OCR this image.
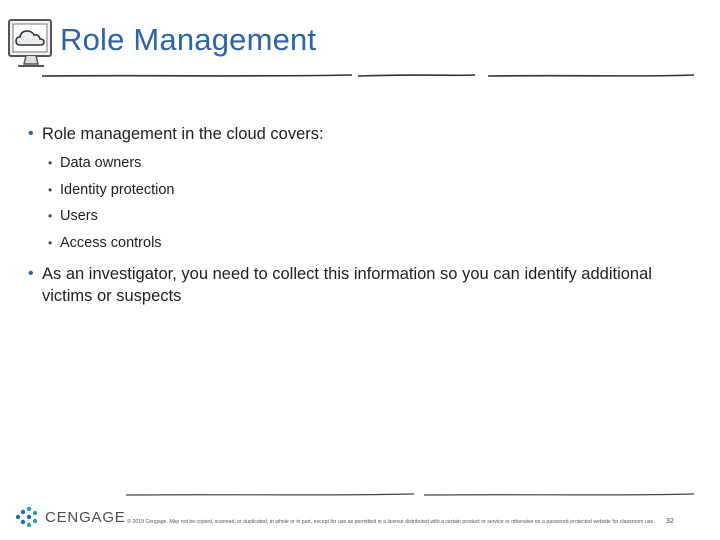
Role Management
• Role management in the cloud covers:
• Data owners
• Identity protection
• Users
• Access controls
• As an investigator, you need to collect this information so you can identify additional victims or suspects
CENGAGE © 2019 Cengage. May not be copied, scanned, or duplicated, in whole or in part, except for use as permitted in a license distributed with a certain product or service or otherwise on a password-protected website for classroom use. 32
